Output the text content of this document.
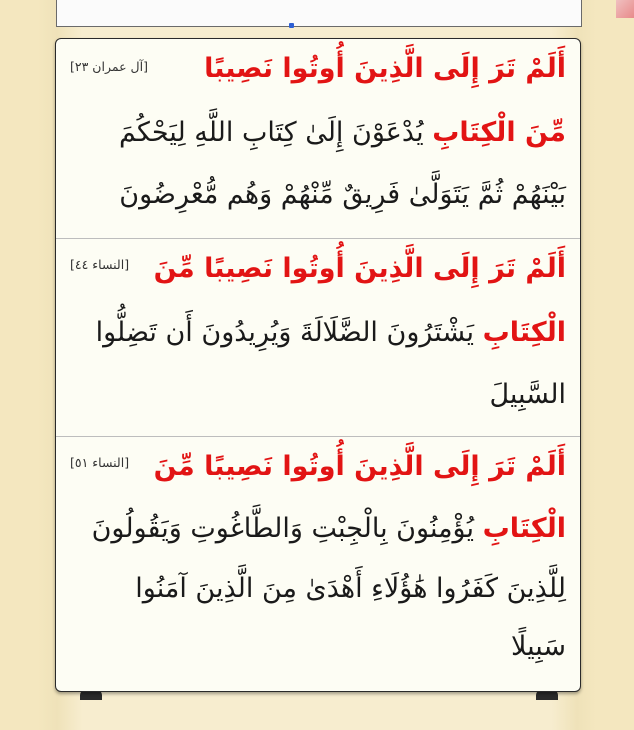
[آل عمران ٢٣] أَلَمْ تَرَ إِلَى الَّذِينَ أُوتُوا نَصِيبًا
مِّنَ الْكِتَابِ يُدْعَوْنَ إِلَىٰ كِتَابِ اللَّهِ لِيَحْكُمَ
بَيْنَهُمْ ثُمَّ يَتَوَلَّىٰ فَرِيقٌ مِّنْهُمْ وَهُم مُّعْرِضُونَ
[النساء ٤٤] أَلَمْ تَرَ إِلَى الَّذِينَ أُوتُوا نَصِيبًا مِّنَ
الْكِتَابِ يَشْتَرُونَ الضَّلَالَةَ وَيُرِيدُونَ أَن تَضِلُّوا
السَّبِيلَ
[النساء ٥١] أَلَمْ تَرَ إِلَى الَّذِينَ أُوتُوا نَصِيبًا مِّنَ
الْكِتَابِ يُؤْمِنُونَ بِالْجِبْتِ وَالطَّاغُوتِ وَيَقُولُونَ
لِلَّذِينَ كَفَرُوا هَٰؤُلَاءِ أَهْدَىٰ مِنَ الَّذِينَ آمَنُوا
سَبِيلًا
